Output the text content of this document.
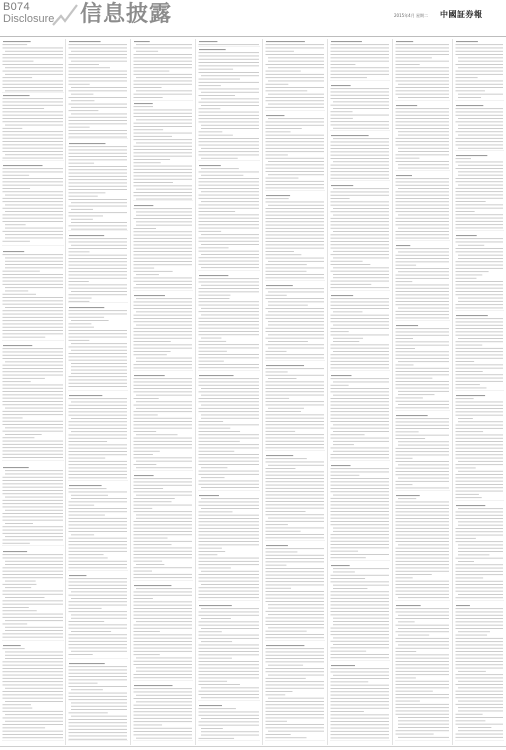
B074
Disclosure 信息披露	2015年4月 星期二 中國証券報
